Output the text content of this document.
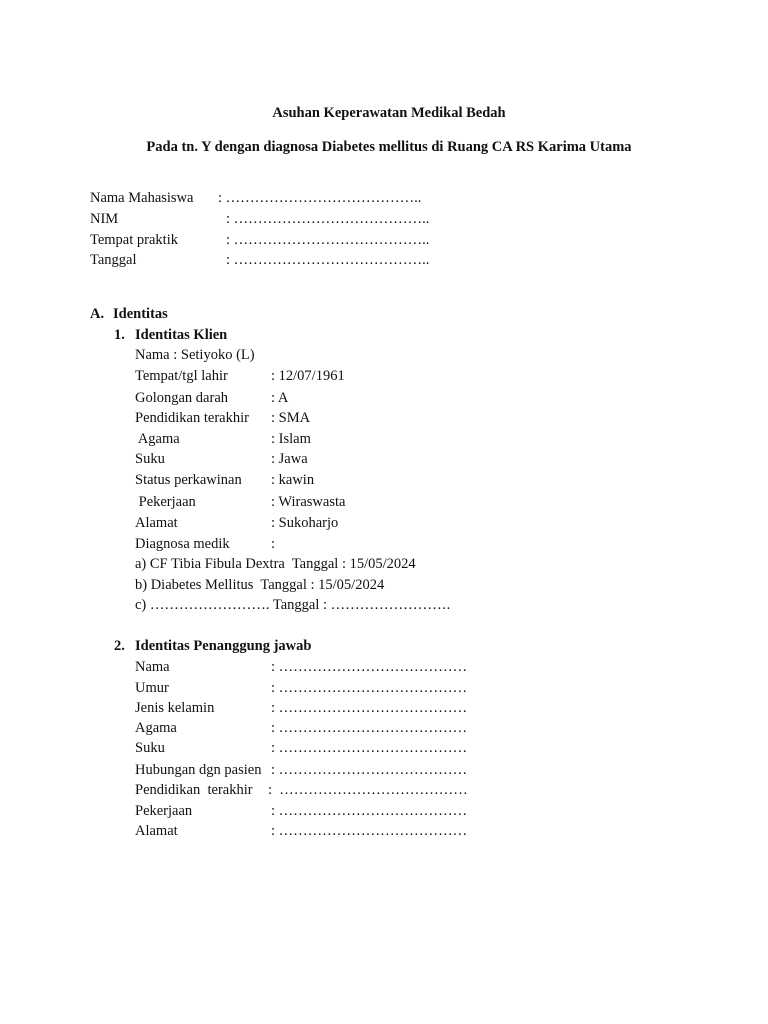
Asuhan Keperawatan Medikal Bedah
Pada tn. Y dengan diagnosa Diabetes mellitus di Ruang CA RS Karima Utama
Nama Mahasiswa : …………………………………..
NIM	: …………………………………..
Tempat praktik	: …………………………………..
Tanggal	: …………………………………..
A. Identitas
1. Identitas Klien
Nama : Setiyoko (L)
Tempat/tgl lahir	: 12/07/1961
Golongan darah	: A
Pendidikan terakhir : SMA
Agama	: Islam
Suku	: Jawa
Status perkawinan : kawin
Pekerjaan	: Wiraswasta
Alamat	: Sukoharjo
Diagnosa medik	:
a) CF Tibia Fibula Dextra  Tanggal : 15/05/2024
b) Diabetes Mellitus  Tanggal : 15/05/2024
c) ……………………. Tanggal : …………………….
2. Identitas Penanggung jawab
Nama	: …………………………………
Umur	: …………………………………
Jenis kelamin	: …………………………………
Agama	: …………………………………
Suku	: …………………………………
Hubungan dgn pasien : …………………………………
Pendidikan  terakhir :  …………………………………
Pekerjaan	: …………………………………
Alamat	: …………………………………
